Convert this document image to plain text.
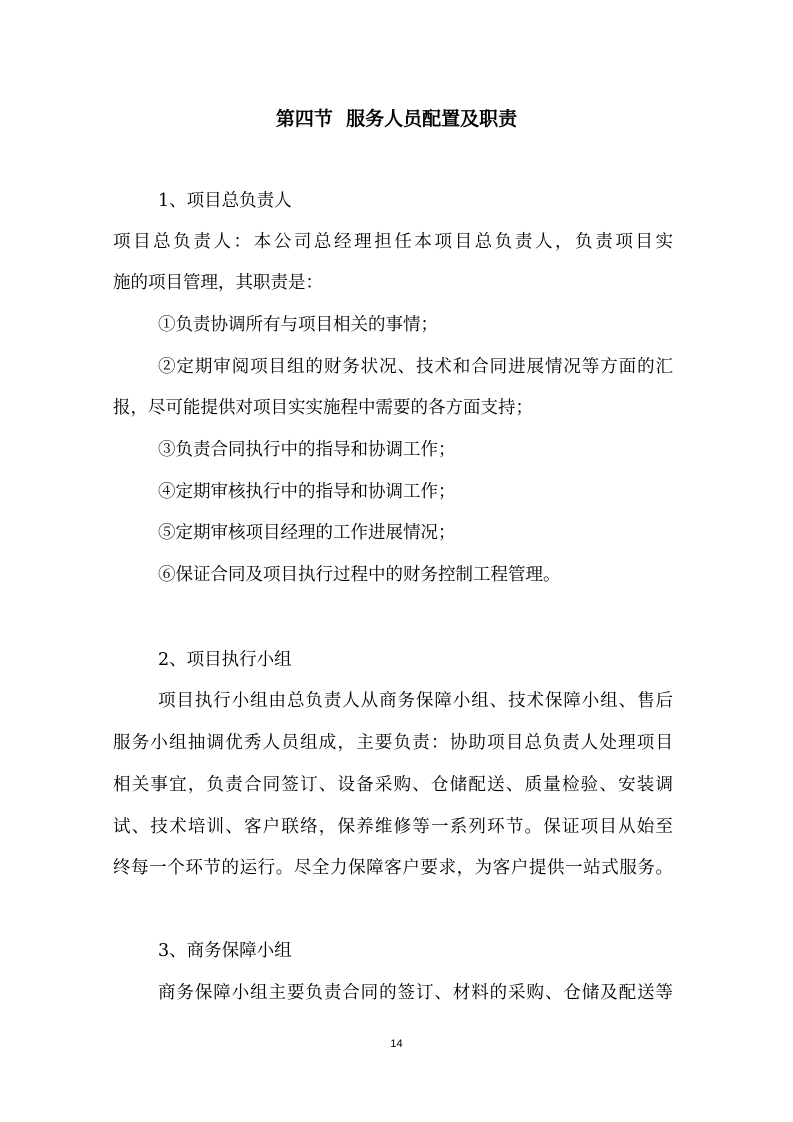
第四节  服务人员配置及职责
1、项目总负责人
项目总负责人：本公司总经理担任本项目总负责人，负责项目实
施的项目管理，其职责是：
①负责协调所有与项目相关的事情；
②定期审阅项目组的财务状况、技术和合同进展情况等方面的汇
报，尽可能提供对项目实实施程中需要的各方面支持；
③负责合同执行中的指导和协调工作；
④定期审核执行中的指导和协调工作；
⑤定期审核项目经理的工作进展情况；
⑥保证合同及项目执行过程中的财务控制工程管理。
2、项目执行小组
项目执行小组由总负责人从商务保障小组、技术保障小组、售后
服务小组抽调优秀人员组成，主要负责：协助项目总负责人处理项目
相关事宜，负责合同签订、设备采购、仓储配送、质量检验、安装调
试、技术培训、客户联络，保养维修等一系列环节。保证项目从始至
终每一个环节的运行。尽全力保障客户要求，为客户提供一站式服务。
3、商务保障小组
商务保障小组主要负责合同的签订、材料的采购、仓储及配送等
14
